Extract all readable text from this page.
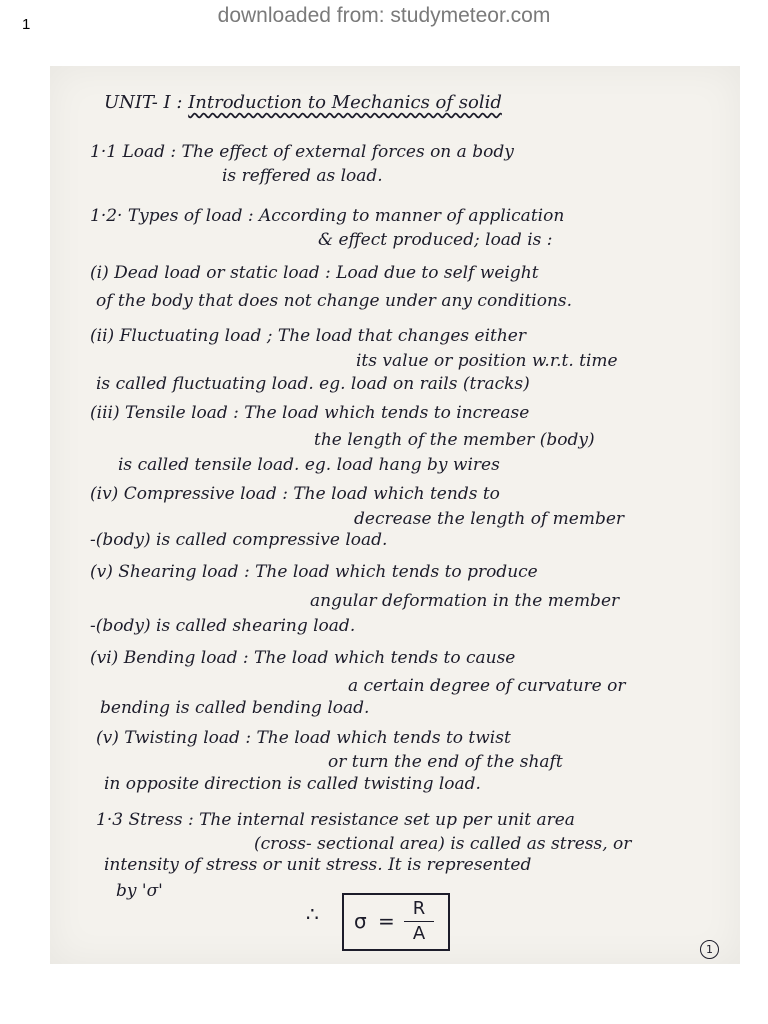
1	downloaded from: studymeteor.com
UNIT- I : Introduction to Mechanics of solid
1·1 Load : The effect of external forces on a body
is reffered as load.
1·2· Types of load : According to manner of application
& effect produced; load is :
(i) Dead load or static load : Load due to self weight
of the body that does not change under any conditions.
(ii) Fluctuating load ; The load that changes either
its value or position w.r.t. time
is called fluctuating load. eg. load on rails (tracks)
(iii) Tensile load : The load which tends to increase
the length of the member (body)
is called tensile load. eg. load hang by wires
(iv) Compressive load : The load which tends to
decrease the length of member
-(body) is called compressive load.
(v) Shearing load : The load which tends to produce
angular deformation in the member
-(body) is called shearing load.
(vi) Bending load : The load which tends to cause
a certain degree of curvature or
bending is called bending load.
(v) Twisting load : The load which tends to twist
or turn the end of the shaft
in opposite direction is called twisting load.
1·3 Stress : The internal resistance set up per unit area
(cross- sectional area) is called as stress, or
intensity of stress or unit stress. It is represented
by 'σ'
∴ $\sigma = \frac{R}{A}$
1
